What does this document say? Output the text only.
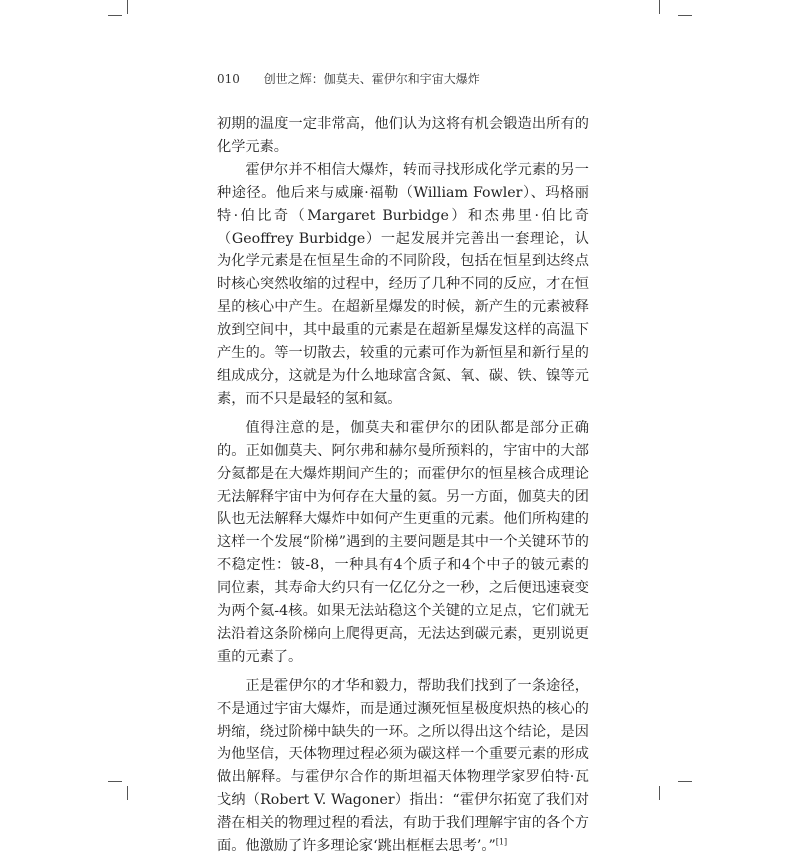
010 创世之辉：伽莫夫、霍伊尔和宇宙大爆炸

初期的温度一定非常高，他们认为这将有机会锻造出所有的化学元素。

霍伊尔并不相信大爆炸，转而寻找形成化学元素的另一种途径。他后来与威廉·福勒（William Fowler）、玛格丽特·伯比奇（Margaret Burbidge）和杰弗里·伯比奇（Geoffrey Burbidge）一起发展并完善出一套理论，认为化学元素是在恒星生命的不同阶段，包括在恒星到达终点时核心突然收缩的过程中，经历了几种不同的反应，才在恒星的核心中产生。在超新星爆发的时候，新产生的元素被释放到空间中，其中最重的元素是在超新星爆发这样的高温下产生的。等一切散去，较重的元素可作为新恒星和新行星的组成成分，这就是为什么地球富含氮、氧、碳、铁、镍等元素，而不只是最轻的氢和氦。

值得注意的是，伽莫夫和霍伊尔的团队都是部分正确的。正如伽莫夫、阿尔弗和赫尔曼所预料的，宇宙中的大部分氦都是在大爆炸期间产生的；而霍伊尔的恒星核合成理论无法解释宇宙中为何存在大量的氦。另一方面，伽莫夫的团队也无法解释大爆炸中如何产生更重的元素。他们所构建的这样一个发展“阶梯”遇到的主要问题是其中一个关键环节的不稳定性：铍-8，一种具有4个质子和4个中子的铍元素的同位素，其寿命大约只有一亿亿分之一秒，之后便迅速衰变为两个氦-4核。如果无法站稳这个关键的立足点，它们就无法沿着这条阶梯向上爬得更高，无法达到碳元素，更别说更重的元素了。

正是霍伊尔的才华和毅力，帮助我们找到了一条途径，不是通过宇宙大爆炸，而是通过濒死恒星极度炽热的核心的坍缩，绕过阶梯中缺失的一环。之所以得出这个结论，是因为他坚信，天体物理过程必须为碳这样一个重要元素的形成做出解释。与霍伊尔合作的斯坦福天体物理学家罗伯特·瓦戈纳（Robert V. Wagoner）指出：“霍伊尔拓宽了我们对潜在相关的物理过程的看法，有助于我们理解宇宙的各个方面。他激励了许多理论家‘跳出框框去思考’。”[1]
